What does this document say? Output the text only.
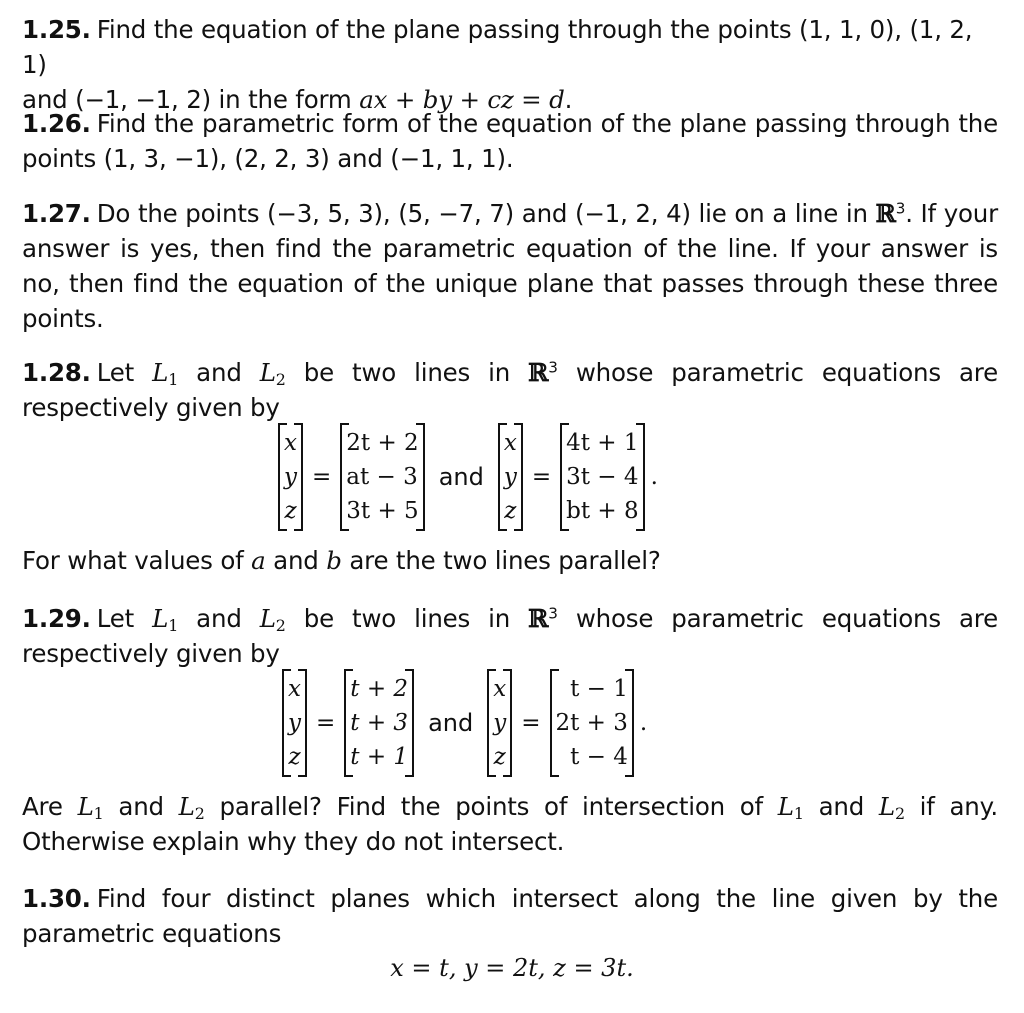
1.25. Find the equation of the plane passing through the points (1, 1, 0), (1, 2, 1)
and (−1, −1, 2) in the form ax + by + cz = d.
1.26. Find the parametric form of the equation of the plane passing through the points (1, 3, −1), (2, 2, 3) and (−1, 1, 1).
1.27. Do the points (−3, 5, 3), (5, −7, 7) and (−1, 2, 4) lie on a line in ℝ$^3$. If your answer is yes, then find the parametric equation of the line. If your answer is no, then find the equation of the unique plane that passes through these three points.
1.28. Let $L_1$ and $L_2$ be two lines in ℝ$^3$ whose parametric equations are respectively given by
x
y
z
=
2t + 2
at − 3
3t + 5
and
x
y
z
=
4t + 1
3t − 4
bt + 8
.
For what values of a and b are the two lines parallel?
1.29. Let $L_1$ and $L_2$ be two lines in ℝ$^3$ whose parametric equations are respectively given by
x
y
z
=
t + 2
t + 3
t + 1
and
x
y
z
=
t − 1
2t + 3
t − 4
.
Are $L_1$ and $L_2$ parallel? Find the points of intersection of $L_1$ and $L_2$ if any. Otherwise explain why they do not intersect.
1.30. Find four distinct planes which intersect along the line given by the parametric equations
x = t, y = 2t, z = 3t.
